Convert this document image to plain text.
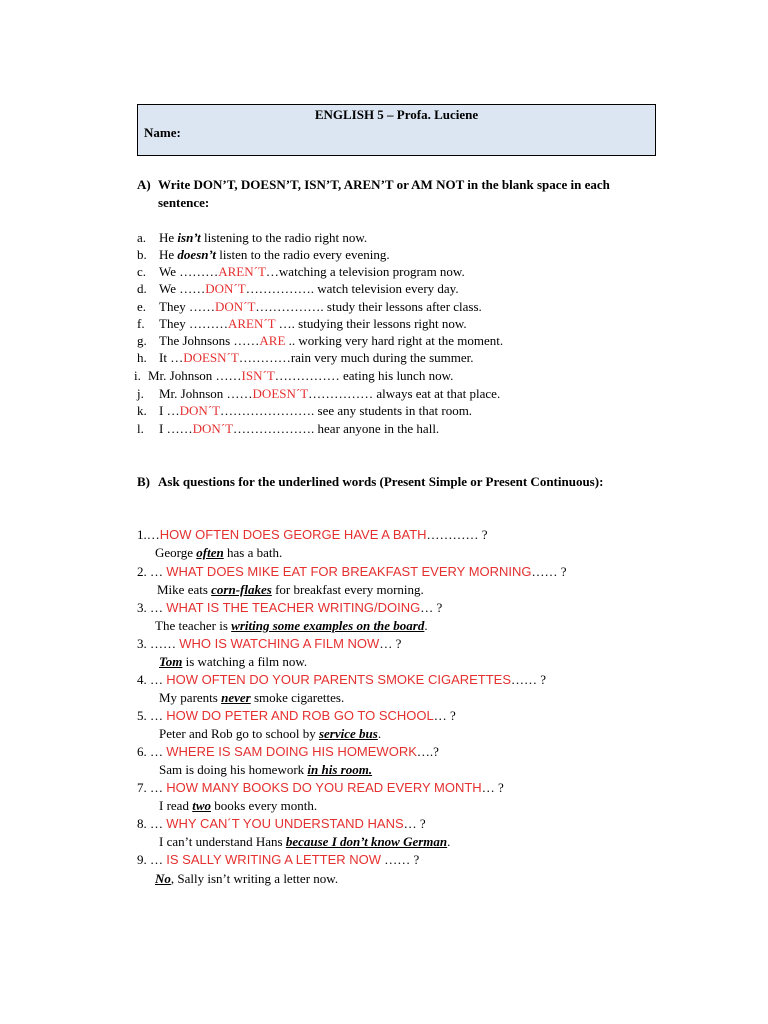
ENGLISH 5 – Profa. Luciene
Name:
A) Write DON’T, DOESN’T, ISN’T, AREN’T or AM NOT in the blank space in each sentence:
a. He isn’t listening to the radio right now.
b. He doesn’t listen to the radio every evening.
c. We ………AREN´T…watching a television program now.
d. We ……DON´T……………. watch television every day.
e. They ……DON´T……………. study their lessons after class.
f. They ………AREN´T …. studying their lessons right now.
g. The Johnsons ……ARE .. working very hard right at the moment.
h. It …DOESN´T…………rain very much during the summer.
i. Mr. Johnson ……ISN´T…………… eating his lunch now.
j. Mr. Johnson ……DOESN´T…………… always eat at that place.
k. I …DON´T…………………. see any students in that room.
l. I ……DON´T………………. hear anyone in the hall.
B) Ask questions for the underlined words (Present Simple or Present Continuous):
1.…HOW OFTEN DOES GEORGE HAVE A BATH………… ?
George often has a bath.
2. … WHAT DOES MIKE EAT FOR BREAKFAST EVERY MORNING…… ?
Mike eats corn-flakes for breakfast every morning.
3. … WHAT IS THE TEACHER WRITING/DOING… ?
The teacher is writing some examples on the board.
3. …… WHO IS WATCHING A FILM NOW… ?
Tom is watching a film now.
4. … HOW OFTEN DO YOUR PARENTS SMOKE CIGARETTES…… ?
My parents never smoke cigarettes.
5. … HOW DO PETER AND ROB GO TO SCHOOL… ?
Peter and Rob go to school by service bus.
6. … WHERE IS SAM DOING HIS HOMEWORK….?
Sam is doing his homework in his room.
7. … HOW MANY BOOKS DO YOU READ EVERY MONTH… ?
I read two books every month.
8. … WHY CAN´T YOU UNDERSTAND HANS… ?
I can’t understand Hans because I don’t know German.
9. … IS SALLY WRITING A LETTER NOW …… ?
No, Sally isn’t writing a letter now.
